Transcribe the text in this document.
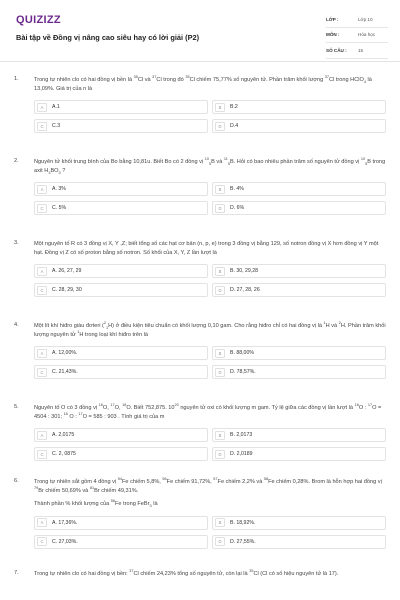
QUIZIZZ
Bài tập về Đồng vị nâng cao siêu hay có lời giải (P2)
LỚP :	Lớp 10
MÔN :	Hóa học
SỐ CÂU :	15
1.	Trong tự nhiên clo có hai đồng vị bền là $^{35}$Cl và $^{37}$Cl trong đó $^{35}$Cl chiếm 75,77% số nguyên tử. Phần trăm khối lượng $^{37}$Cl trong HClO$_4$ là 13,09%. Giá trị của n là
A	A.1	B	B.2
C	C.3	D	D.4
2.	Nguyên tử khối trung bình của Bo bằng 10,81u. Biết Bo có 2 đồng vị $^{10}_5$B và $^{11}_5$B. Hỏi có bao nhiêu phần trăm số nguyên tử đồng vị $^{10}_5$B trong axit $H_3BO_3$ ?
A	A. 3%	B	B. 4%
C	C. 5%	D	D. 6%
3.	Một nguyên tố R có 3 đồng vị X, Y ,Z; biết tổng số các hạt cơ bản (n, p, e) trong 3 đồng vị bằng 129, số notron đồng vị X hơn đồng vị Y một hạt. Đồng vị Z có số proton bằng số notron. Số khối của X, Y, Z lần lượt là
A	A. 26, 27, 29	B	B. 30, 29,28
C	C. 28, 29, 30	D	D. 27, 28, 26
4.	Một lít khí hiđro giàu đơteri ($^2_1$H) ở điều kiện tiêu chuẩn có khối lượng 0,10 gam. Cho rằng hiđro chỉ có hai đồng vị là $^1$H và $^2$H. Phần trăm khối lượng nguyên tử $^1$H trong loại khí hiđro trên là
A	A. 12,00%.	B	B. 88,00%
C	C. 21,43%.	D	D. 78,57%.
5.	Nguyên tố O có 3 đồng vị $^{16}$O, $^{17}$O, $^{18}$O. Biết 752,875. $10^{20}$ nguyên tử oxi có khối lượng m gam. Tỷ lệ giữa các đồng vị lần lượt là $^{16}$O : $^{17}$O = 4504 : 301; $^{18}$ O : $^{17}$O = 585 : 903 . Tính giá trị của m
A	A. 2,0175	B	B. 2,0173
C	C. 2, 0875	D	D. 2,0189
6.	Trong tự nhiên sắt gồm 4 đồng vị $^{54}$Fe chiếm 5,8%, $^{56}$Fe chiếm 91,72%, $^{57}$Fe chiếm 2,2% và $^{58}$Fe chiếm 0,28%. Brom là hỗn hợp hai đồng vị $^{79}$Br chiếm 50,69% và $^{81}$Br chiếm 49,31%.
Thành phần % khối lượng của $^{56}$Fe trong FeBr$_3$ là
A	A. 17,36%.	B	B. 18,92%.
C	C. 27,03%.	D	D. 27,55%.
7.	Trong tự nhiên clo có hai đồng vị bền: $^{37}$Cl chiếm 24,23% tổng số nguyên tử, còn lại là $^{35}$Cl (Cl có số hiệu nguyên tử là 17).
